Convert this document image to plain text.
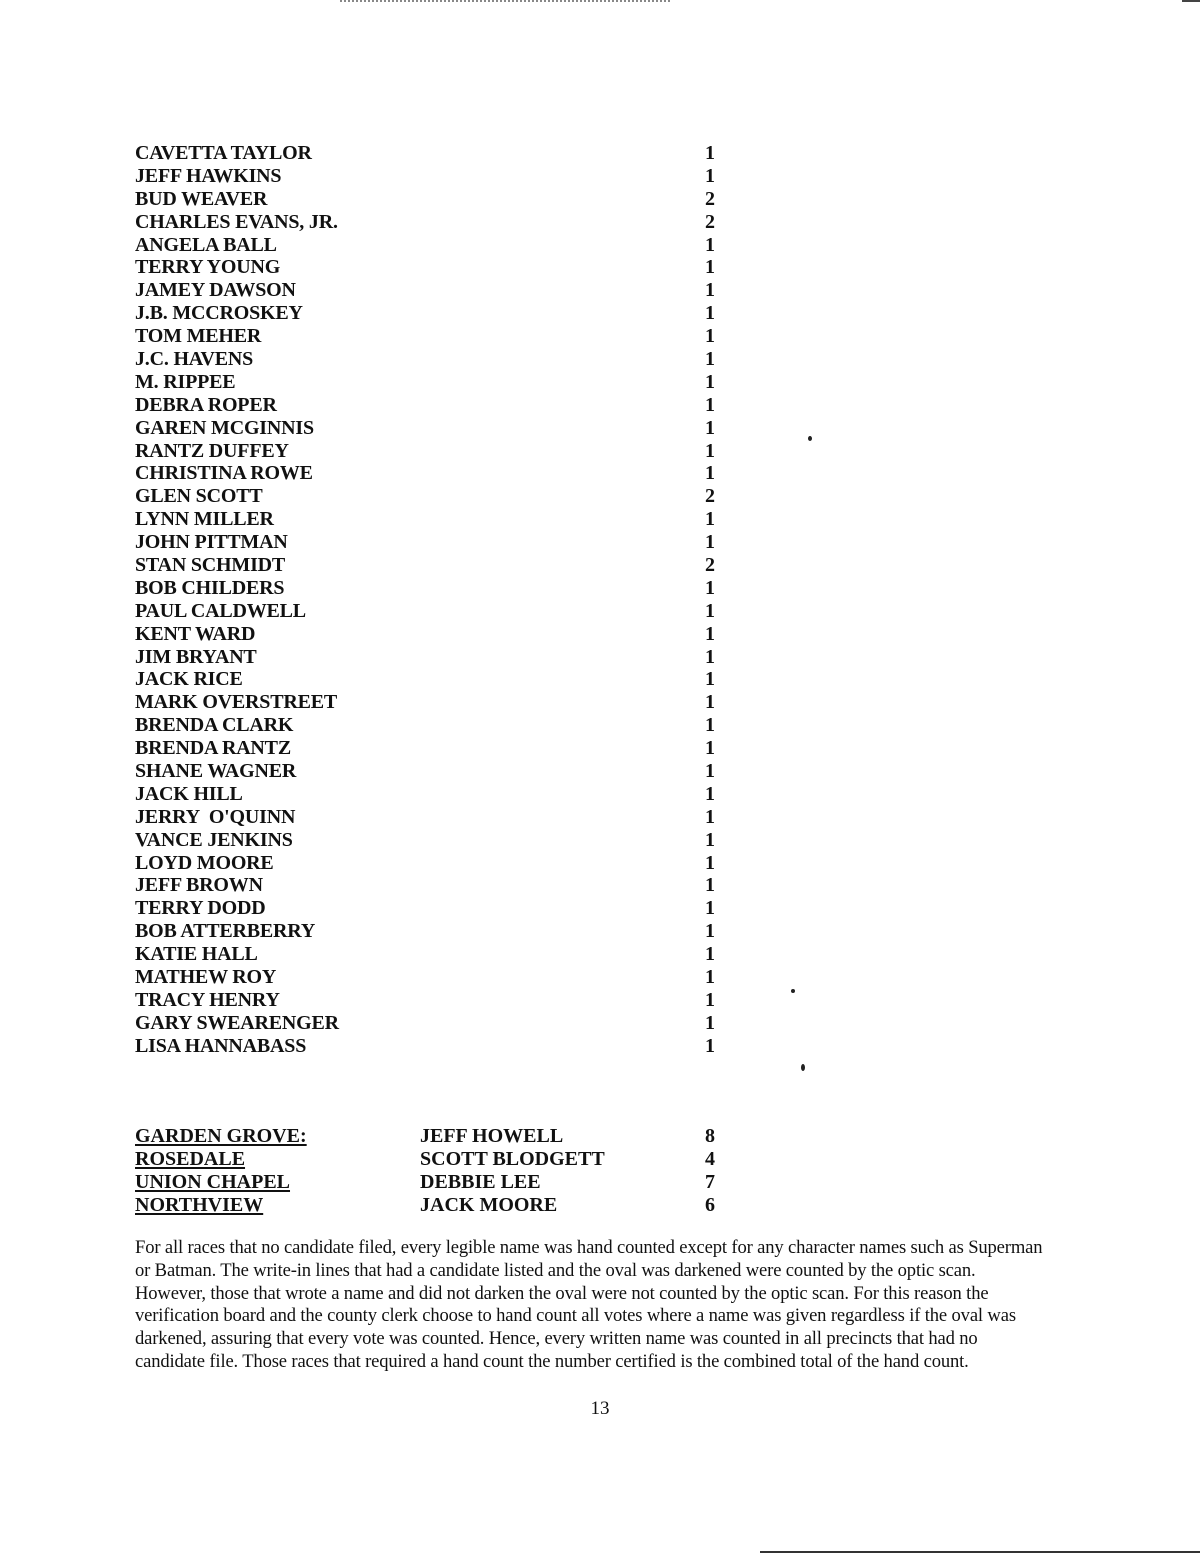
CAVETTA TAYLOR	1
JEFF HAWKINS	1
BUD WEAVER	2
CHARLES EVANS, JR.	2
ANGELA BALL	1
TERRY YOUNG	1
JAMEY DAWSON	1
J.B. MCCROSKEY	1
TOM MEHER	1
J.C. HAVENS	1
M. RIPPEE	1
DEBRA ROPER	1
GAREN MCGINNIS	1
RANTZ DUFFEY	1
CHRISTINA ROWE	1
GLEN SCOTT	2
LYNN MILLER	1
JOHN PITTMAN	1
STAN SCHMIDT	2
BOB CHILDERS	1
PAUL CALDWELL	1
KENT WARD	1
JIM BRYANT	1
JACK RICE	1
MARK OVERSTREET	1
BRENDA CLARK	1
BRENDA RANTZ	1
SHANE WAGNER	1
JACK HILL	1
JERRY  O'QUINN	1
VANCE JENKINS	1
LOYD MOORE	1
JEFF BROWN	1
TERRY DODD	1
BOB ATTERBERRY	1
KATIE HALL	1
MATHEW ROY	1
TRACY HENRY	1
GARY SWEARENGER	1
LISA HANNABASS	1
GARDEN GROVE:	JEFF HOWELL	8
ROSEDALE	SCOTT BLODGETT	4
UNION CHAPEL	DEBBIE LEE	7
NORTHVIEW	JACK MOORE	6

For all races that no candidate filed, every legible name was hand counted except for any character names such as Superman or Batman. The write-in lines that had a candidate listed and the oval was darkened were counted by the optic scan. However, those that wrote a name and did not darken the oval were not counted by the optic scan. For this reason the verification board and the county clerk choose to hand count all votes where a name was given regardless if the oval was darkened, assuring that every vote was counted. Hence, every written name was counted in all precincts that had no candidate file. Those races that required a hand count the number certified is the combined total of the hand count.

13
